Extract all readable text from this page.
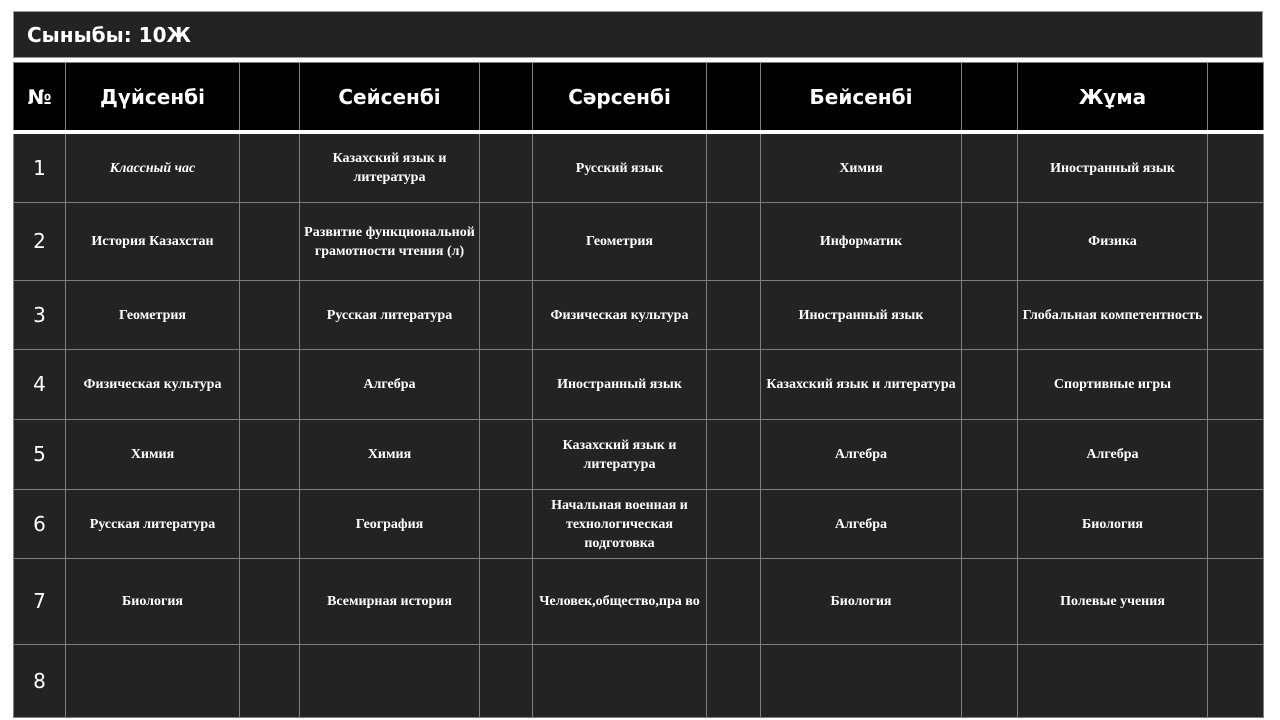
Сыныбы: 10Ж
№	Дүйсенбі		Сейсенбі		Сәрсенбі		Бейсенбі		Жұма	
1	Классный час		Казахский язык и литература		Русский язык		Химия		Иностранный язык	
2	История Казахстан		Развитие функциональной грамотности чтения (л)		Геометрия		Информатик		Физика	
3	Геометрия		Русская литература		Физическая культура		Иностранный язык		Глобальная компетентность	
4	Физическая культура		Алгебра		Иностранный язык		Казахский язык и литература		Спортивные игры	
5	Химия		Химия		Казахский язык и литература		Алгебра		Алгебра	
6	Русская литература		География		Начальная военная и технологическая подготовка		Алгебра		Биология	
7	Биология		Всемирная история		Человек,общество,пра во		Биология		Полевые учения	
8										
